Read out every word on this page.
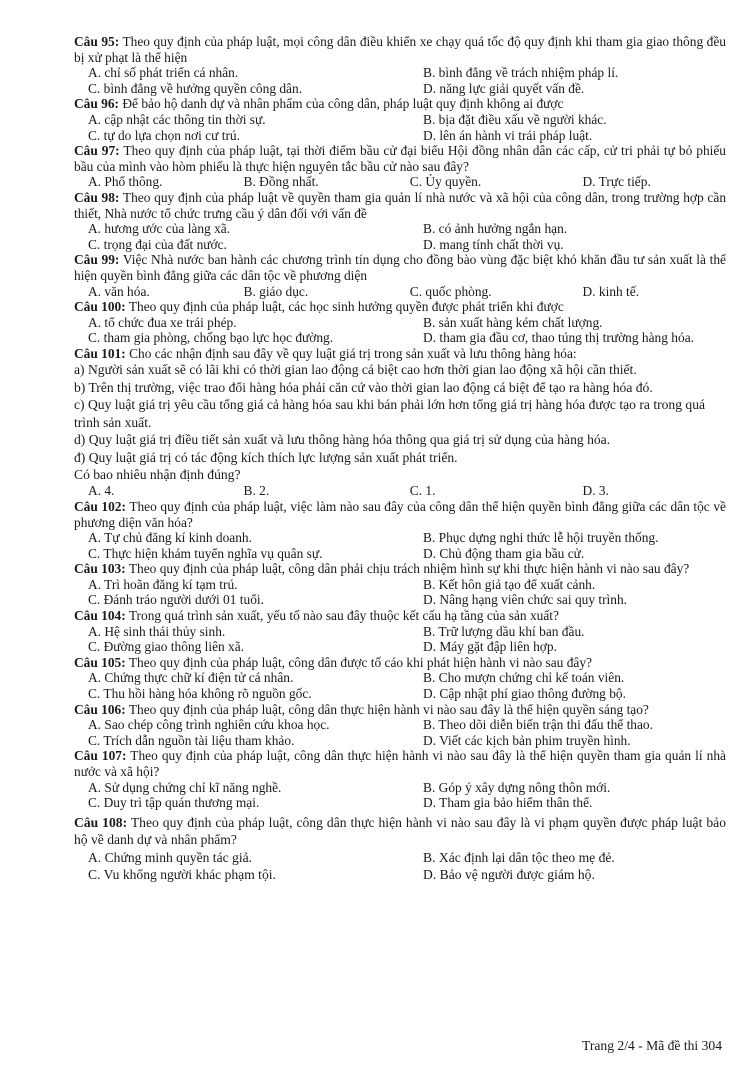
Câu 95: Theo quy định của pháp luật, mọi công dân điều khiển xe chạy quá tốc độ quy định khi tham gia giao thông đều bị xử phạt là thể hiện

A. chỉ số phát triển cá nhân.	B. bình đẳng về trách nhiệm pháp lí.
C. bình đẳng về hưởng quyền công dân.	D. năng lực giải quyết vấn đề.

Câu 96: Để bảo hộ danh dự và nhân phẩm của công dân, pháp luật quy định không ai được

A. cập nhật các thông tin thời sự.	B. bịa đặt điều xấu về người khác.
C. tự do lựa chọn nơi cư trú.	D. lên án hành vi trái pháp luật.

Câu 97: Theo quy định của pháp luật, tại thời điểm bầu cử đại biểu Hội đồng nhân dân các cấp, cử tri phải tự bỏ phiếu bầu của mình vào hòm phiếu là thực hiện nguyên tắc bầu cử nào sau đây?

A. Phổ thông.	B. Đồng nhất.	C. Ủy quyền.	D. Trực tiếp.

Câu 98: Theo quy định của pháp luật về quyền tham gia quản lí nhà nước và xã hội của công dân, trong trường hợp cần thiết, Nhà nước tổ chức trưng cầu ý dân đối với vấn đề

A. hương ước của làng xã.	B. có ảnh hưởng ngắn hạn.
C. trọng đại của đất nước.	D. mang tính chất thời vụ.

Câu 99: Việc Nhà nước ban hành các chương trình tín dụng cho đồng bào vùng đặc biệt khó khăn đầu tư sản xuất là thể hiện quyền bình đẳng giữa các dân tộc về phương diện

A. văn hóa.	B. giáo dục.	C. quốc phòng.	D. kinh tế.

Câu 100: Theo quy định của pháp luật, các học sinh hưởng quyền được phát triển khi được

A. tổ chức đua xe trái phép.	B. sản xuất hàng kém chất lượng.
C. tham gia phòng, chống bạo lực học đường.	D. tham gia đầu cơ, thao túng thị trường hàng hóa.

Câu 101: Cho các nhận định sau đây về quy luật giá trị trong sản xuất và lưu thông hàng hóa:

a) Người sản xuất sẽ có lãi khi có thời gian lao động cá biệt cao hơn thời gian lao động xã hội cần thiết.

b) Trên thị trường, việc trao đổi hàng hóa phải căn cứ vào thời gian lao động cá biệt để tạo ra hàng hóa đó.

c) Quy luật giá trị yêu cầu tổng giá cả hàng hóa sau khi bán phải lớn hơn tổng giá trị hàng hóa được tạo ra trong quá trình sản xuất.

d) Quy luật giá trị điều tiết sản xuất và lưu thông hàng hóa thông qua giá trị sử dụng của hàng hóa.

đ) Quy luật giá trị có tác động kích thích lực lượng sản xuất phát triển.

Có bao nhiêu nhận định đúng?

A. 4.	B. 2.	C. 1.	D. 3.

Câu 102: Theo quy định của pháp luật, việc làm nào sau đây của công dân thể hiện quyền bình đẳng giữa các dân tộc về phương diện văn hóa?

A. Tự chủ đăng kí kinh doanh.	B. Phục dựng nghi thức lễ hội truyền thống.
C. Thực hiện khám tuyển nghĩa vụ quân sự.	D. Chủ động tham gia bầu cử.

Câu 103: Theo quy định của pháp luật, công dân phải chịu trách nhiệm hình sự khi thực hiện hành vi nào sau đây?

A. Trì hoãn đăng kí tạm trú.	B. Kết hôn giả tạo để xuất cảnh.
C. Đánh tráo người dưới 01 tuổi.	D. Nâng hạng viên chức sai quy trình.

Câu 104: Trong quá trình sản xuất, yếu tố nào sau đây thuộc kết cấu hạ tầng của sản xuất?

A. Hệ sinh thái thủy sinh.	B. Trữ lượng dầu khí ban đầu.
C. Đường giao thông liên xã.	D. Máy gặt đập liên hợp.

Câu 105: Theo quy định của pháp luật, công dân được tố cáo khi phát hiện hành vi nào sau đây?

A. Chứng thực chữ kí điện tử cá nhân.	B. Cho mượn chứng chỉ kế toán viên.
C. Thu hồi hàng hóa không rõ nguồn gốc.	D. Cập nhật phí giao thông đường bộ.

Câu 106: Theo quy định của pháp luật, công dân thực hiện hành vi nào sau đây là thể hiện quyền sáng tạo?

A. Sao chép công trình nghiên cứu khoa học.	B. Theo dõi diễn biến trận thi đấu thể thao.
C. Trích dẫn nguồn tài liệu tham khảo.	D. Viết các kịch bản phim truyền hình.

Câu 107: Theo quy định của pháp luật, công dân thực hiện hành vi nào sau đây là thể hiện quyền tham gia quản lí nhà nước và xã hội?

A. Sử dụng chứng chỉ kĩ năng nghề.	B. Góp ý xây dựng nông thôn mới.
C. Duy trì tập quán thương mại.	D. Tham gia bảo hiểm thân thể.

Câu 108: Theo quy định của pháp luật, công dân thực hiện hành vi nào sau đây là vi phạm quyền được pháp luật bảo hộ về danh dự và nhân phẩm?

A. Chứng minh quyền tác giả.	B. Xác định lại dân tộc theo mẹ đẻ.
C. Vu khống người khác phạm tội.	D. Bảo vệ người được giám hộ.
Trang 2/4 - Mã đề thi 304
